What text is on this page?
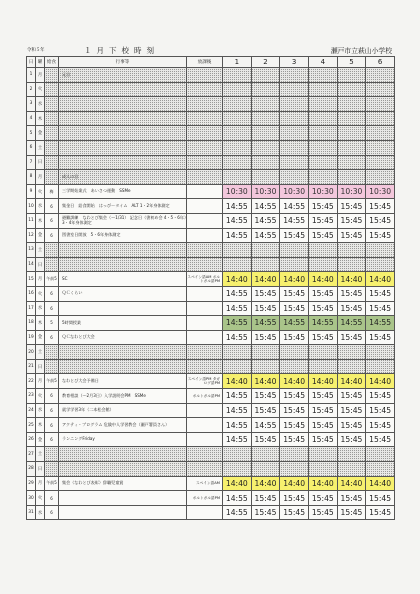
令和５年	１月下校時刻	瀬戸市立萩山小学校
日	曜	給食	行事等	放課後	1	2	3	4	5	6
1	月		元日							
2	火									
3	水									
4	木									
5	金									
6	土									
7	日									
8	月		成人の日							
9	火	梅	三学期始業式　あいさつ運動　SSMe		10:30	10:30	10:30	10:30	10:30	10:30
10	水	6	集金日　給食開始　はっぴータイム　ALT 1・2年身体測定		14:55	14:55	14:55	15:45	15:45	15:45
11	木	6	避難訓練　なわとび集会（～1/31） 記念日（書初め会 4・5・6年）3・4年身体測定		14:55	14:55	14:55	15:45	15:45	15:45
12	金	6	図書室日開放　5・6年身体測定		14:55	14:55	15:45	15:45	15:45	15:45
13	土									
14	日									
15	月	午前5	SC	スペイン語AM ボルトガル語PM	14:40	14:40	14:40	14:40	14:40	14:40
16	火	6	ＱＣくらい		14:55	15:45	15:45	15:45	15:45	15:45
17	水	6			14:55	15:45	15:45	15:45	15:45	15:45
18	木	5	5時間授業		14:55	14:55	14:55	14:55	14:55	14:55
19	金	6	ＱＣなわとび大会		14:55	15:45	15:45	15:45	15:45	15:45
20	土									
21	日									
22	月	午前5	なわとび大会予備日	スペイン語PM タガログ語PM	14:40	14:40	14:40	14:40	14:40	14:40
23	火	6	教育相談（～2月3日）入学説明会PM　SSMe	ポルトガル語PM	14:55	15:45	15:45	15:45	15:45	15:45
24	水	6	就学学習3年（二本松会館）		14:55	15:45	15:45	15:45	15:45	15:45
25	木	6	アクティ・プログラム 危険中人学習教会（瀬戸署員さん）		14:55	14:55	15:45	15:45	15:45	15:45
26	金	6	ランニングFriday		14:55	15:45	15:45	15:45	15:45	15:45
27	土									
28	日									
29	月	午前5	集会（なわとび表彰）辞職児童賞	スペイン語AM	14:40	14:40	14:40	14:40	14:40	14:40
30	火	6		ポルトガル語PM	14:55	15:45	15:45	15:45	15:45	15:45
31	水	6			14:55	15:45	15:45	15:45	15:45	15:45
